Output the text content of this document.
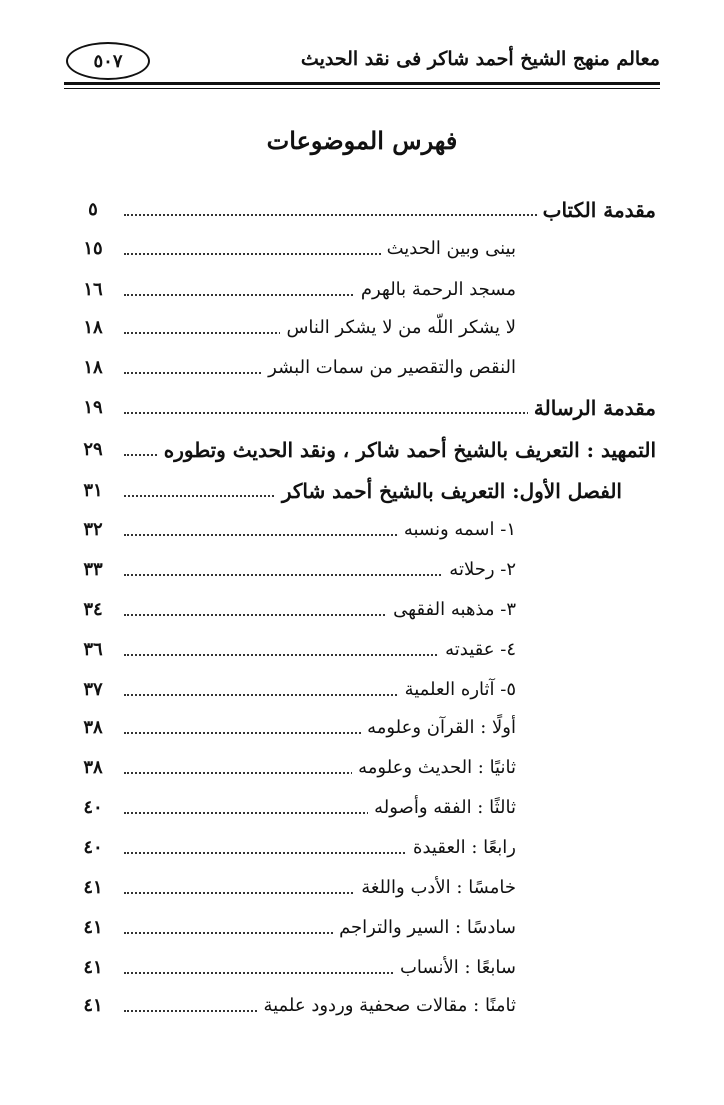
معالم منهج الشيخ أحمد شاكر فى نقد الحديث
٥٠٧
فهرس الموضوعات
٥	مقدمة الكتاب
١٥	بينى وبين الحديث
١٦	مسجد الرحمة بالهرم
١٨	لا يشكر اللّه من لا يشكر الناس
١٨	النقص والتقصير من سمات البشر
١٩	مقدمة الرسالة
٢٩	التمهيد : التعريف بالشيخ أحمد شاكر ، ونقد الحديث وتطوره
٣١	الفصل الأول: التعريف بالشيخ أحمد شاكر
٣٢	١- اسمه ونسبه
٣٣	٢- رحلاته
٣٤	٣- مذهبه الفقهى
٣٦	٤- عقيدته
٣٧	٥- آثاره العلمية
٣٨	أولًا : القرآن وعلومه
٣٨	ثانيًا : الحديث وعلومه
٤٠	ثالثًا : الفقه وأصوله
٤٠	رابعًا : العقيدة
٤١	خامسًا : الأدب واللغة
٤١	سادسًا : السير والتراجم
٤١	سابعًا : الأنساب
٤١	ثامنًا : مقالات صحفية وردود علمية
